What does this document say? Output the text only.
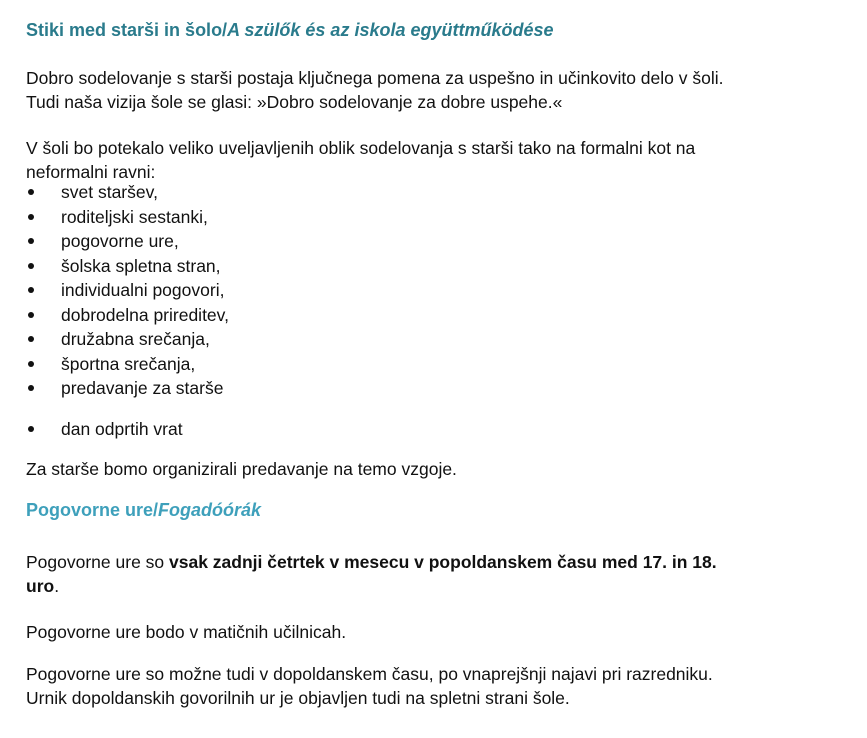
Stiki med starši in šolo/A szülők és az iskola együttműködése
Dobro sodelovanje s starši postaja ključnega pomena za uspešno in učinkovito delo v šoli.
Tudi naša vizija šole se glasi: »Dobro sodelovanje za dobre uspehe.«
V šoli bo potekalo veliko uveljavljenih oblik sodelovanja s starši tako na formalni kot na
neformalni ravni:
svet staršev,
roditeljski sestanki,
pogovorne ure,
šolska spletna stran,
individualni pogovori,
dobrodelna prireditev,
družabna srečanja,
športna srečanja,
predavanje za starše
dan odprtih vrat
Za starše bomo organizirali predavanje na temo vzgoje.
Pogovorne ure/Fogadóórák
Pogovorne ure so vsak zadnji četrtek v mesecu v popoldanskem času med 17. in 18.
uro.
Pogovorne ure bodo v matičnih učilnicah.
Pogovorne ure so možne tudi v dopoldanskem času, po vnaprejšnji najavi pri razredniku.
Urnik dopoldanskih govorilnih ur je objavljen tudi na spletni strani šole.
